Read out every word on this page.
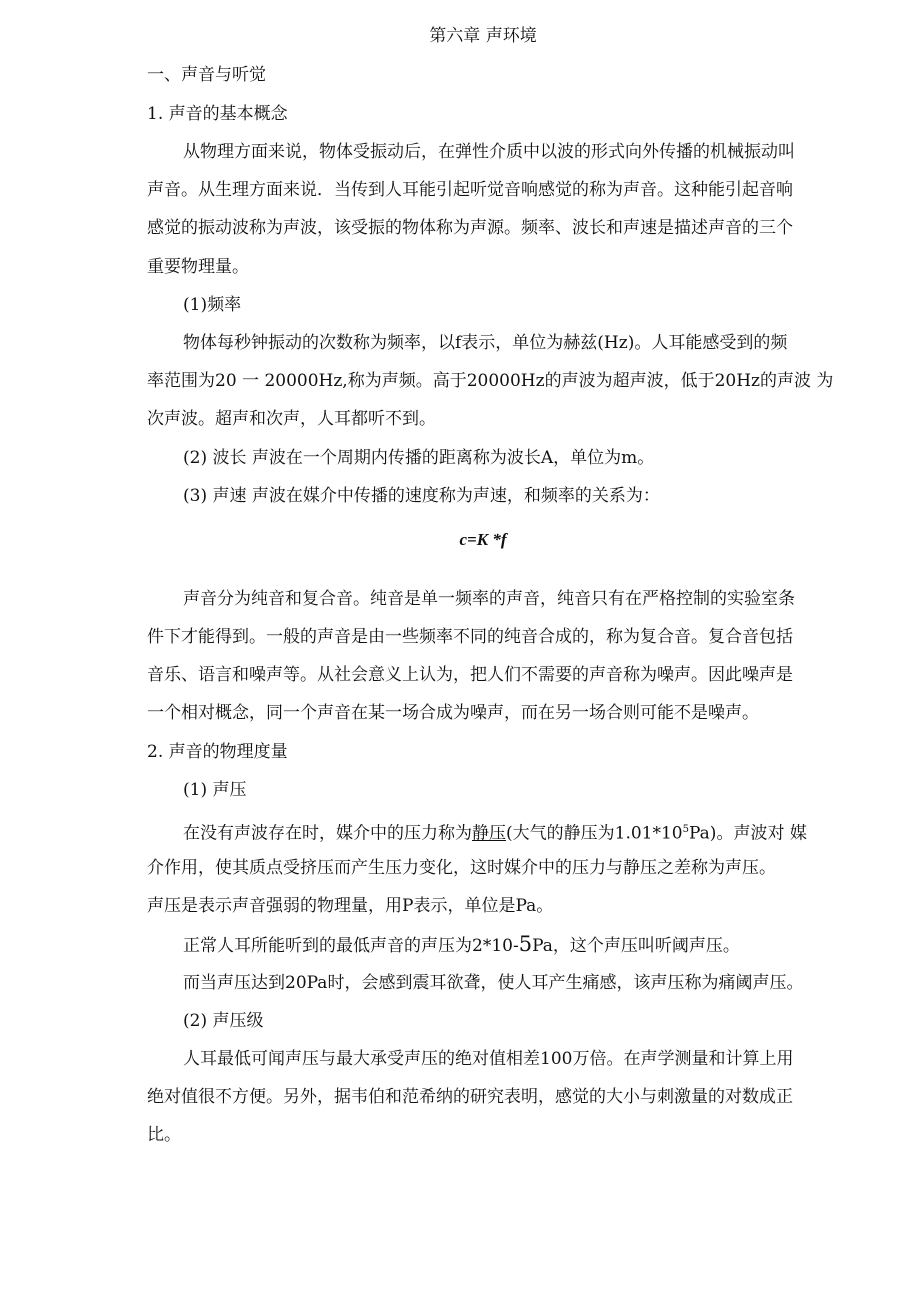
第六章 声环境
一、声音与听觉
1. 声音的基本概念
从物理方面来说，物体受振动后，在弹性介质中以波的形式向外传播的机械振动叫
声音。从生理方面来说．当传到人耳能引起听觉音响感觉的称为声音。这种能引起音响
感觉的振动波称为声波，该受振的物体称为声源。频率、波长和声速是描述声音的三个
重要物理量。
(1)频率
物体每秒钟振动的次数称为频率，以f表示，单位为赫兹(Hz)。人耳能感受到的频
率范围为20 一 20000Hz,称为声频。高于20000Hz的声波为超声波，低于20Hz的声波 为
次声波。超声和次声，人耳都听不到。
(2) 波长 声波在一个周期内传播的距离称为波长A，单位为m。
(3) 声速 声波在媒介中传播的速度称为声速，和频率的关系为：
c=K *f
声音分为纯音和复合音。纯音是单一频率的声音，纯音只有在严格控制的实验室条
件下才能得到。一般的声音是由一些频率不同的纯音合成的，称为复合音。复合音包括
音乐、语言和噪声等。从社会意义上认为，把人们不需要的声音称为噪声。因此噪声是
一个相对概念，同一个声音在某一场合成为噪声，而在另一场合则可能不是噪声。
2. 声音的物理度量
(1) 声压
在没有声波存在时，媒介中的压力称为静压(大气的静压为$1.01*10^5Pa$)。声波对 媒
介作用，使其质点受挤压而产生压力变化，这时媒介中的压力与静压之差称为声压。
声压是表示声音强弱的物理量，用P表示，单位是Pa。
正常人耳所能听到的最低声音的声压为2*10-5Pa，这个声压叫听阈声压。
而当声压达到20Pa时，会感到震耳欲聋，使人耳产生痛感，该声压称为痛阈声压。
(2) 声压级
人耳最低可闻声压与最大承受声压的绝对值相差100万倍。在声学测量和计算上用
绝对值很不方便。另外，据韦伯和范希纳的研究表明，感觉的大小与刺激量的对数成正
比。
